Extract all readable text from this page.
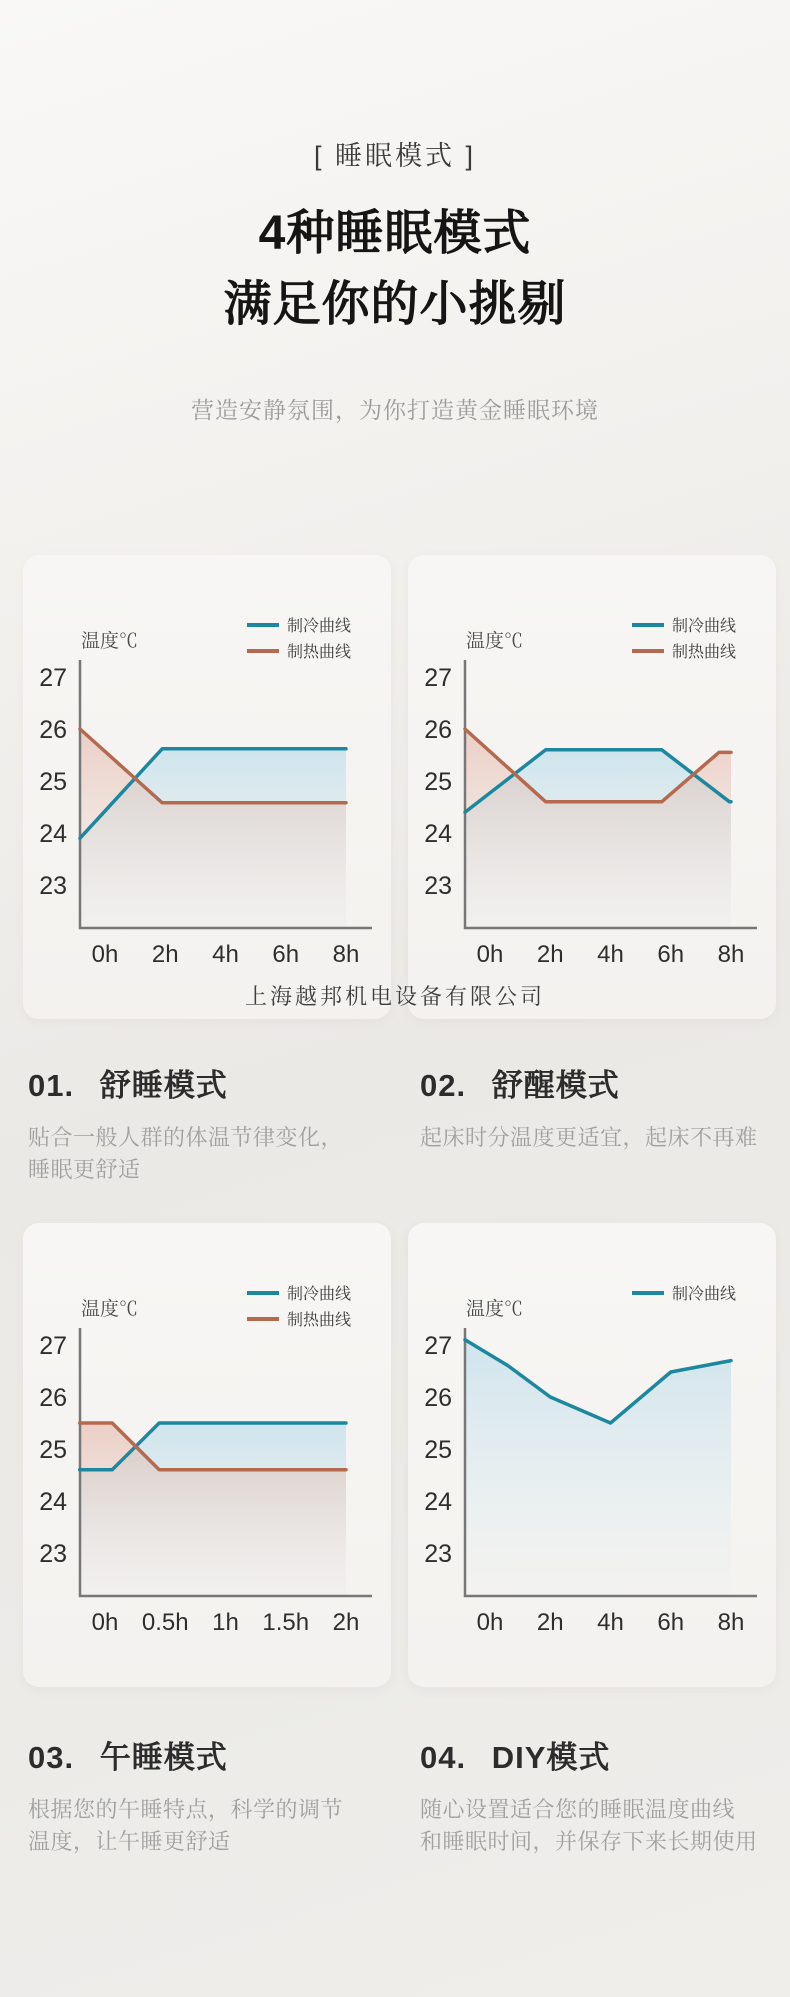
[ 睡眠模式 ]
4种睡眠模式
满足你的小挑剔
营造安静氛围，为你打造黄金睡眠环境
温度℃
27
26
25
24
23
0h 2h 4h 6h 8h
制冷曲线
制热曲线
温度℃
27
26
25
24
23
0h 2h 4h 6h 8h
制冷曲线
制热曲线
上海越邦机电设备有限公司
01. 舒睡模式
贴合一般人群的体温节律变化，
睡眠更舒适
02. 舒醒模式
起床时分温度更适宜，起床不再难
温度℃
27
26
25
24
23
0h 0.5h 1h 1.5h 2h
制冷曲线
制热曲线
温度℃
27
26
25
24
23
0h 2h 4h 6h 8h
制冷曲线
03. 午睡模式
根据您的午睡特点，科学的调节
温度，让午睡更舒适
04. DIY模式
随心设置适合您的睡眠温度曲线
和睡眠时间，并保存下来长期使用
